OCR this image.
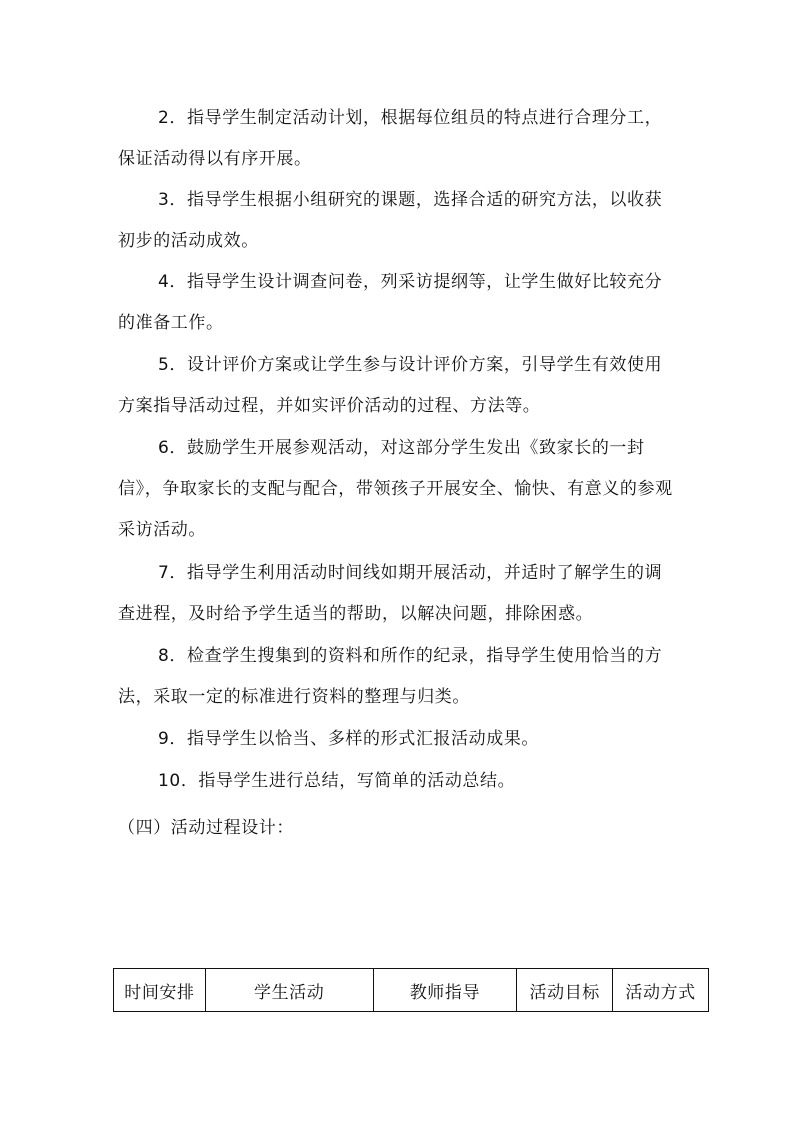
2．指导学生制定活动计划，根据每位组员的特点进行合理分工，保证活动得以有序开展。

3．指导学生根据小组研究的课题，选择合适的研究方法，以收获初步的活动成效。

4．指导学生设计调查问卷，列采访提纲等，让学生做好比较充分的准备工作。

5．设计评价方案或让学生参与设计评价方案，引导学生有效使用方案指导活动过程，并如实评价活动的过程、方法等。

6．鼓励学生开展参观活动，对这部分学生发出《致家长的一封信》，争取家长的支配与配合，带领孩子开展安全、愉快、有意义的参观采访活动。

7．指导学生利用活动时间线如期开展活动，并适时了解学生的调查进程，及时给予学生适当的帮助，以解决问题，排除困惑。

8．检查学生搜集到的资料和所作的纪录，指导学生使用恰当的方法，采取一定的标准进行资料的整理与归类。

9．指导学生以恰当、多样的形式汇报活动成果。

10．指导学生进行总结，写简单的活动总结。

（四）活动过程设计：

时间安排	学生活动	教师指导	活动目标	活动方式
